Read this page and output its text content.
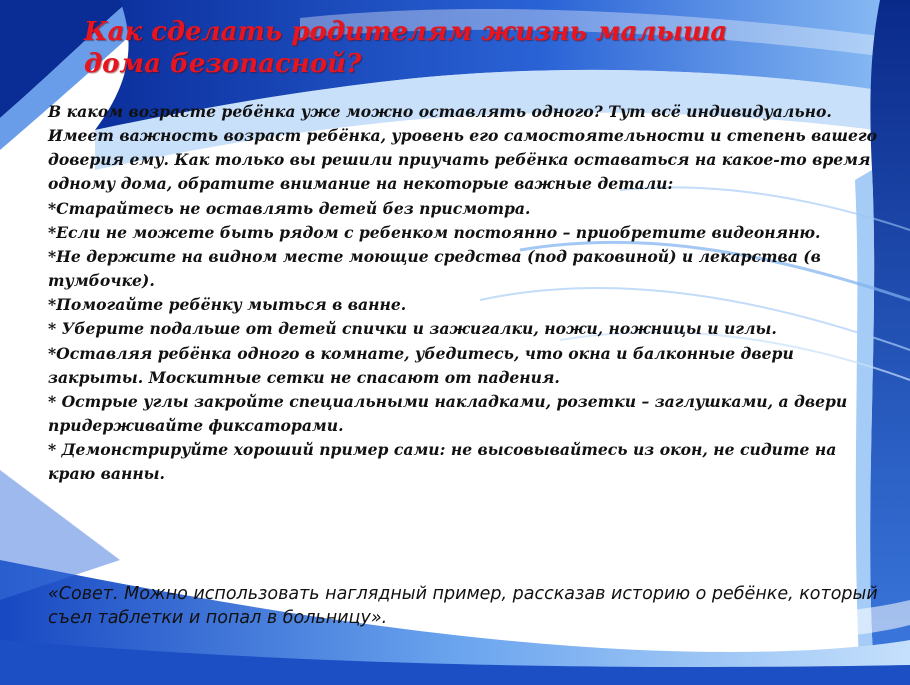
Как сделать родителям жизнь малыша
дома безопасной?

В каком возрасте ребёнка уже можно оставлять одного? Тут всё индивидуально. Имеет важность возраст ребёнка, уровень его самостоятельности и степень вашего доверия ему. Как только вы решили приучать ребёнка оставаться на какое-то время одному дома, обратите внимание на некоторые важные детали:

*Старайтесь не оставлять детей без присмотра.

*Если не можете быть рядом с ребенком постоянно – приобретите видеоняню.

*Не держите на видном месте моющие средства (под раковиной) и лекарства (в тумбочке).

*Помогайте ребёнку мыться в ванне.

* Уберите подальше от детей спички и зажигалки, ножи, ножницы и иглы.

*Оставляя ребёнка одного в комнате, убедитесь, что окна и балконные двери закрыты. Москитные сетки не спасают от падения.

* Острые углы закройте специальными накладками, розетки – заглушками, а двери придерживайте фиксаторами.

* Демонстрируйте хороший пример сами: не высовывайтесь из окон, не сидите на краю ванны.

«Совет. Можно использовать наглядный пример, рассказав историю о ребёнке, который съел таблетки и попал в больницу».
